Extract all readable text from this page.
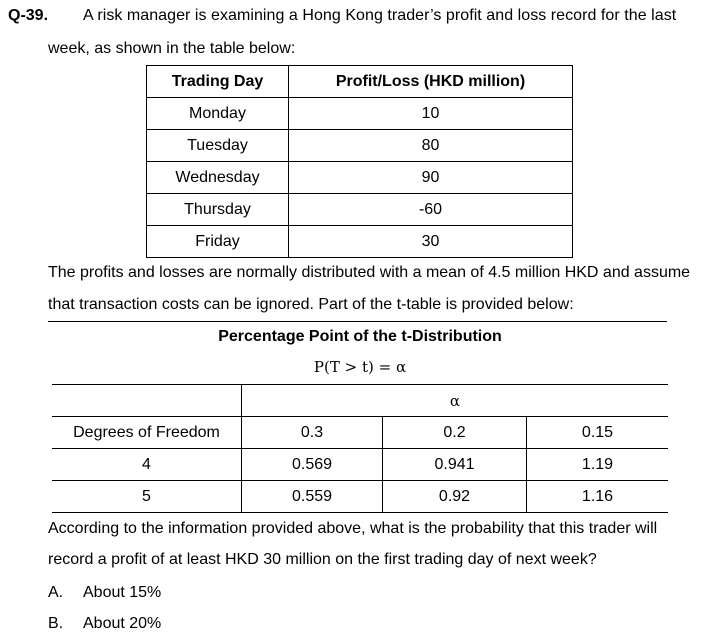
Q-39. A risk manager is examining a Hong Kong trader’s profit and loss record for the last
week, as shown in the table below:
Trading Day	Profit/Loss (HKD million)
Monday	10
Tuesday	80
Wednesday	90
Thursday	-60
Friday	30
The profits and losses are normally distributed with a mean of 4.5 million HKD and assume
that transaction costs can be ignored. Part of the t-table is provided below:
Percentage Point of the t-Distribution
P(T > t) = α
	α		
Degrees of Freedom	0.3	0.2	0.15
4	0.569	0.941	1.19
5	0.559	0.92	1.16
According to the information provided above, what is the probability that this trader will
record a profit of at least HKD 30 million on the first trading day of next week?
A. About 15%
B. About 20%
